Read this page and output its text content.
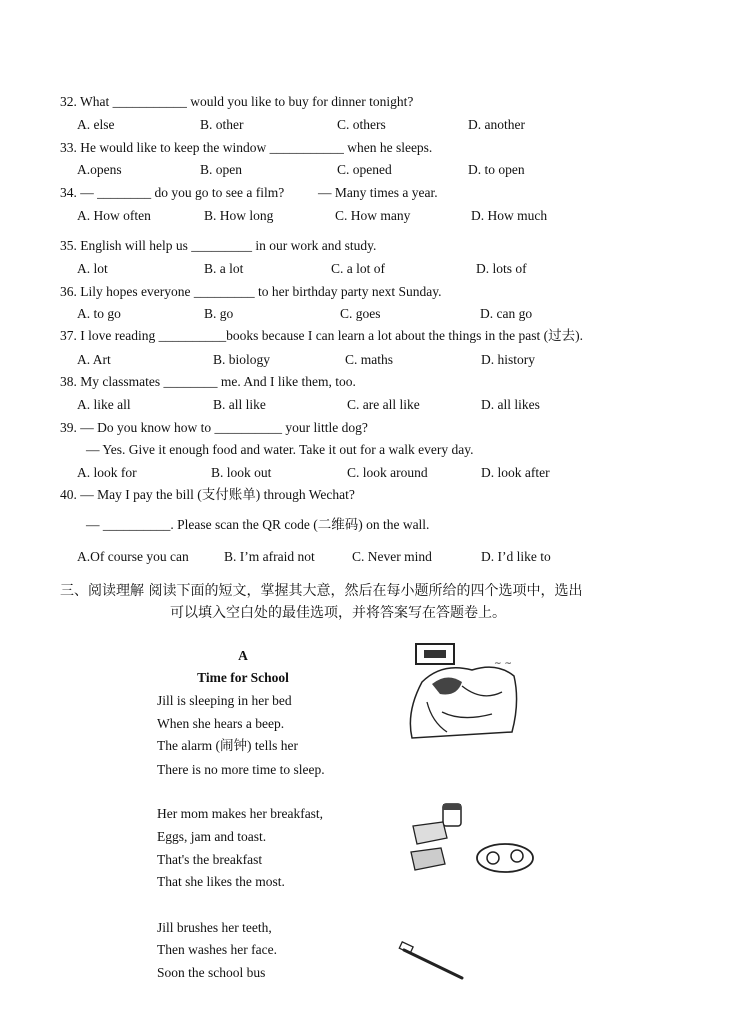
32. What ___________ would you like to buy for dinner tonight?
A. else	B. other	C. others	D. another
33. He would like to keep the window ___________ when he sleeps.
A.opens	B. open	C. opened	D. to open
34. — ________ do you go to see a film?          — Many times a year.
A. How often	B. How long	C. How many	D. How much
35. English will help us _________ in our work and study.
A. lot	B. a lot	C. a lot of	D. lots of
36. Lily hopes everyone _________ to her birthday party next Sunday.
A. to go	B. go	C. goes	D. can go
37. I love reading __________books because I can learn a lot about the things in the past (过去).
A. Art	B. biology	C. maths	D. history
38. My classmates ________ me. And I like them, too.
A. like all	B. all like	C. are all like	D. all likes
39. — Do you know how to __________ your little dog?
— Yes. Give it enough food and water. Take it out for a walk every day.
A. look for	B. look out	C. look around	D. look after
40. — May I pay the bill (支付账单) through Wechat?
— __________. Please scan the QR code (二维码) on the wall.
A.Of course you can	B. I’m afraid not	C. Never mind	D. I’d like to
三、阅读理解 阅读下面的短文，掌握其大意，然后在每小题所给的四个选项中，选出
可以填入空白处的最佳选项，并将答案写在答题卷上。
A
Time for School
Jill is sleeping in her bed
When she hears a beep.
The alarm (闹钟) tells her
There is no more time to sleep.
Her mom makes her breakfast,
Eggs, jam and toast.
That's the breakfast
That she likes the most.
Jill brushes her teeth,
Then washes her face.
Soon the school bus
~ ~
